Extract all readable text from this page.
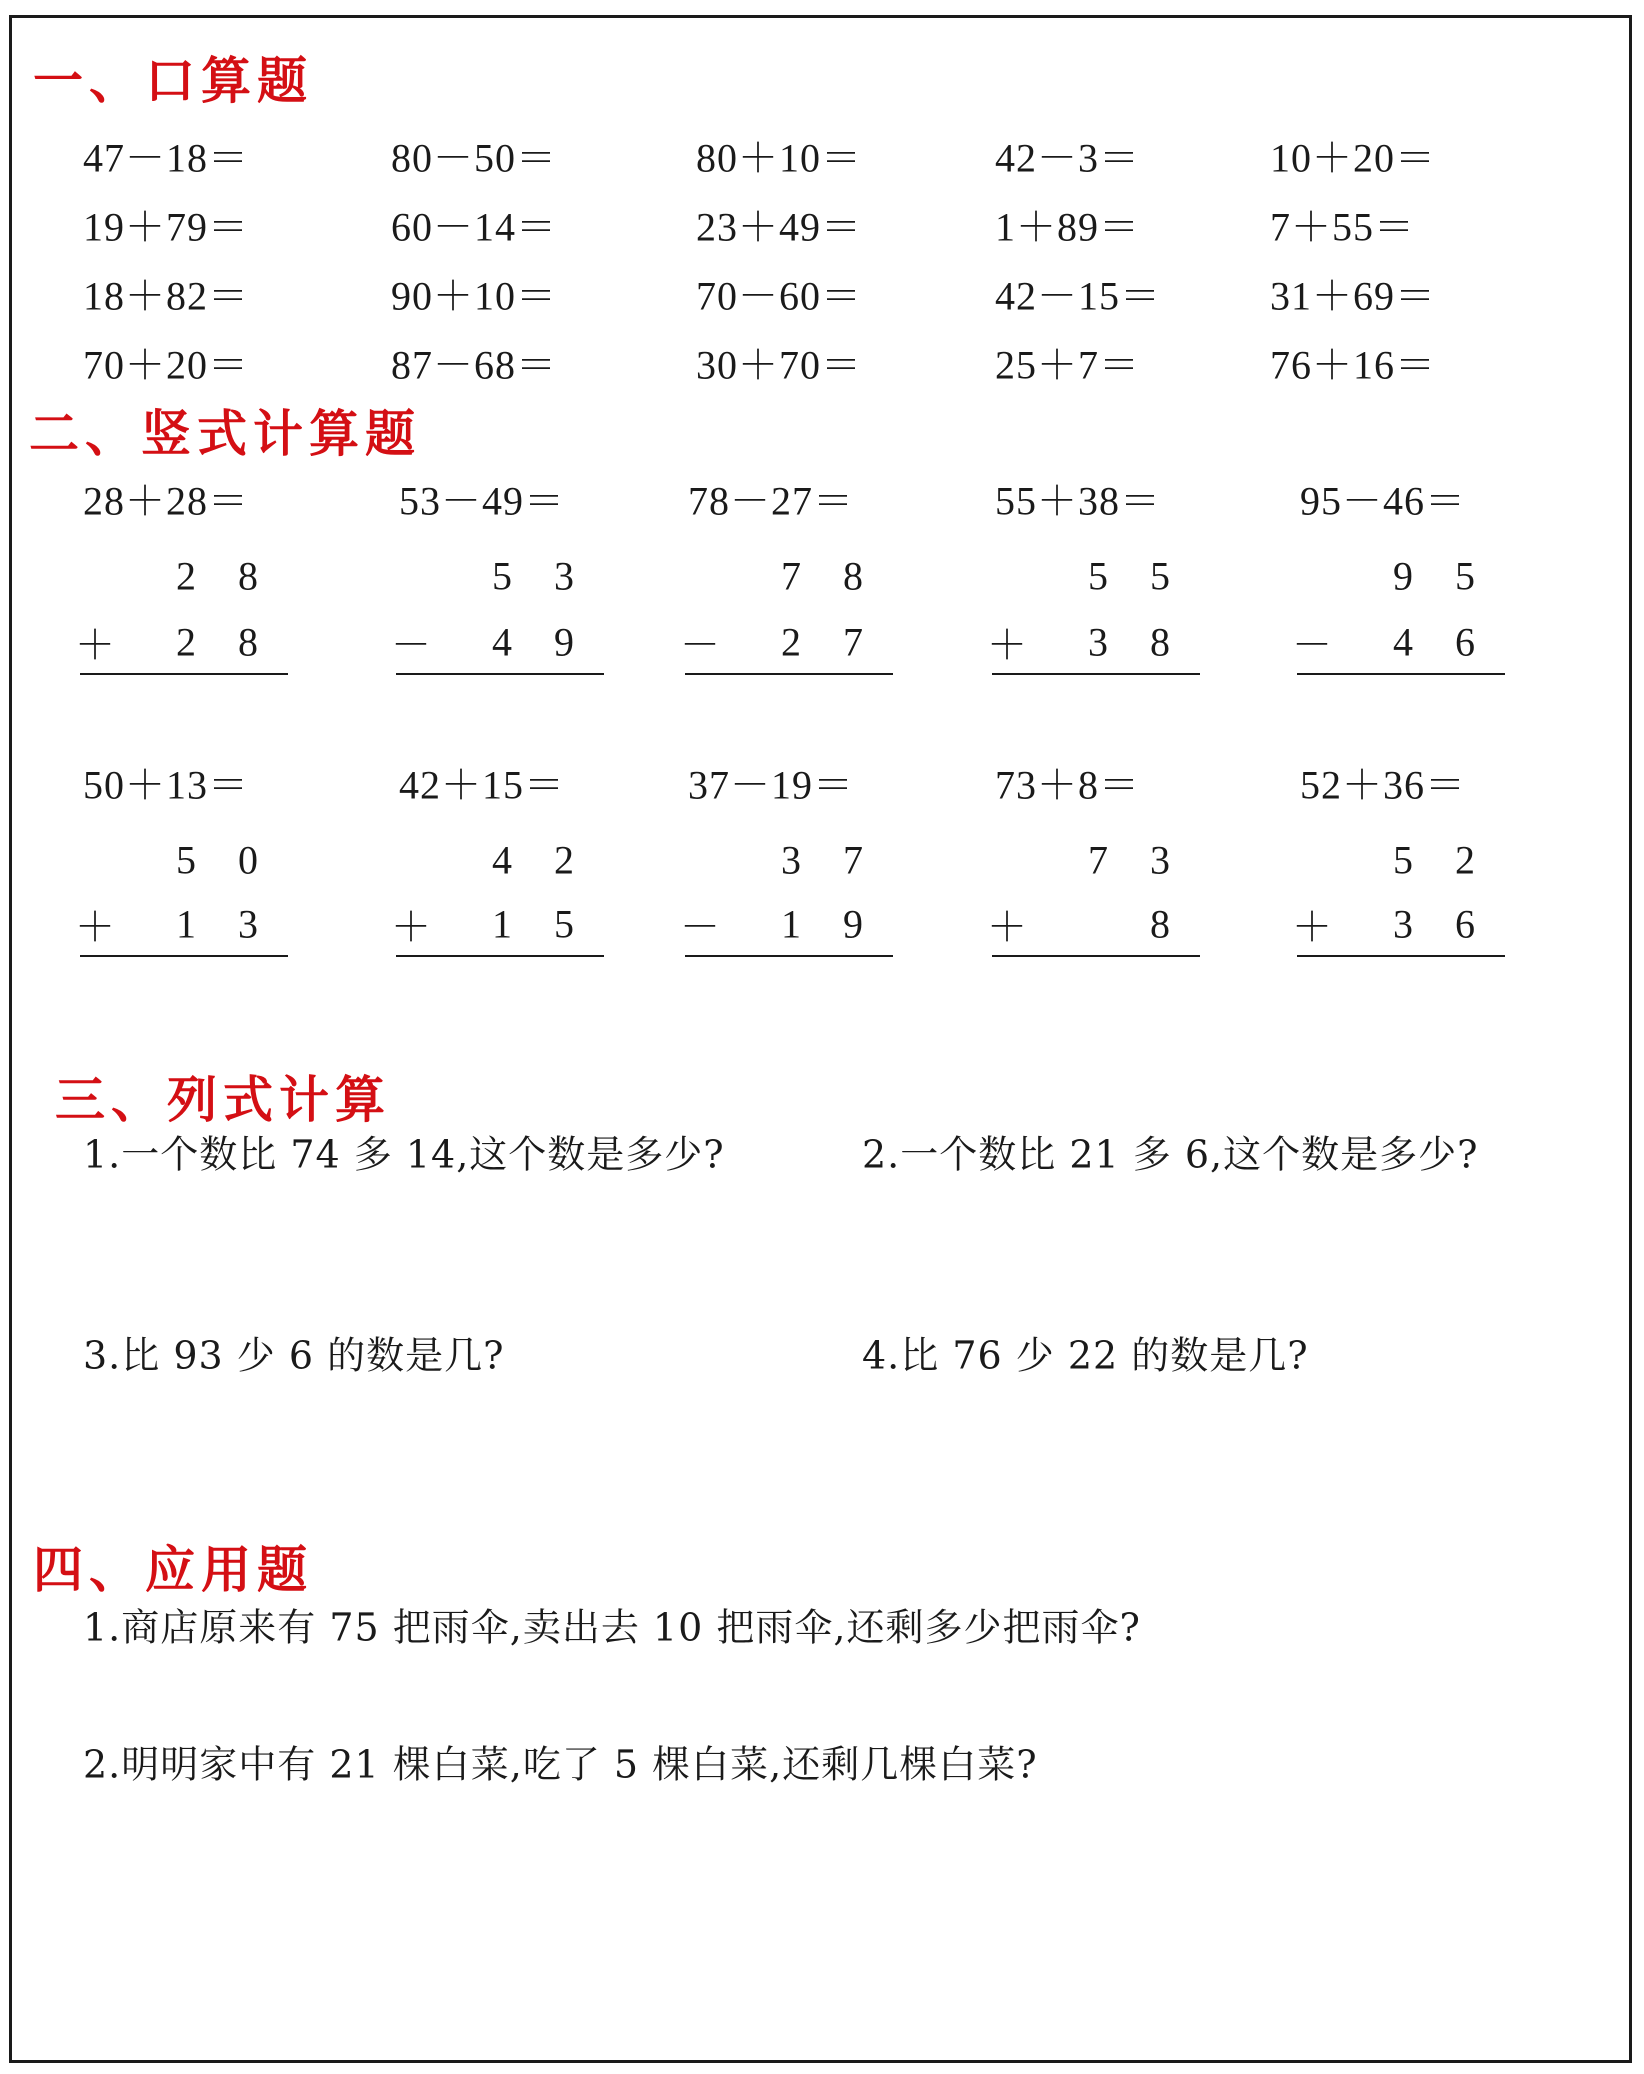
一、口算题
47－18＝	80－50＝	80＋10＝	42－3＝	10＋20＝
19＋79＝	60－14＝	23＋49＝	1＋89＝	7＋55＝
18＋82＝	90＋10＝	70－60＝	42－15＝	31＋69＝
70＋20＝	87－68＝	30＋70＝	25＋7＝	76＋16＝
二、竖式计算题
28＋28＝
2 8
＋ 2 8
53－49＝
5 3
－ 4 9
78－27＝
7 8
－ 2 7
55＋38＝
5 5
＋ 3 8
95－46＝
9 5
－ 4 6
50＋13＝
5 0
＋ 1 3
42＋15＝
4 2
＋ 1 5
37－19＝
3 7
－ 1 9
73＋8＝
7 3
＋	8
52＋36＝
5 2
＋ 3 6
三、列式计算
1.一个数比 74 多 14,这个数是多少?	2.一个数比 21 多 6,这个数是多少?
3.比 93 少 6 的数是几?	4.比 76 少 22 的数是几?
四、应用题
1.商店原来有 75 把雨伞,卖出去 10 把雨伞,还剩多少把雨伞?
2.明明家中有 21 棵白菜,吃了 5 棵白菜,还剩几棵白菜?
